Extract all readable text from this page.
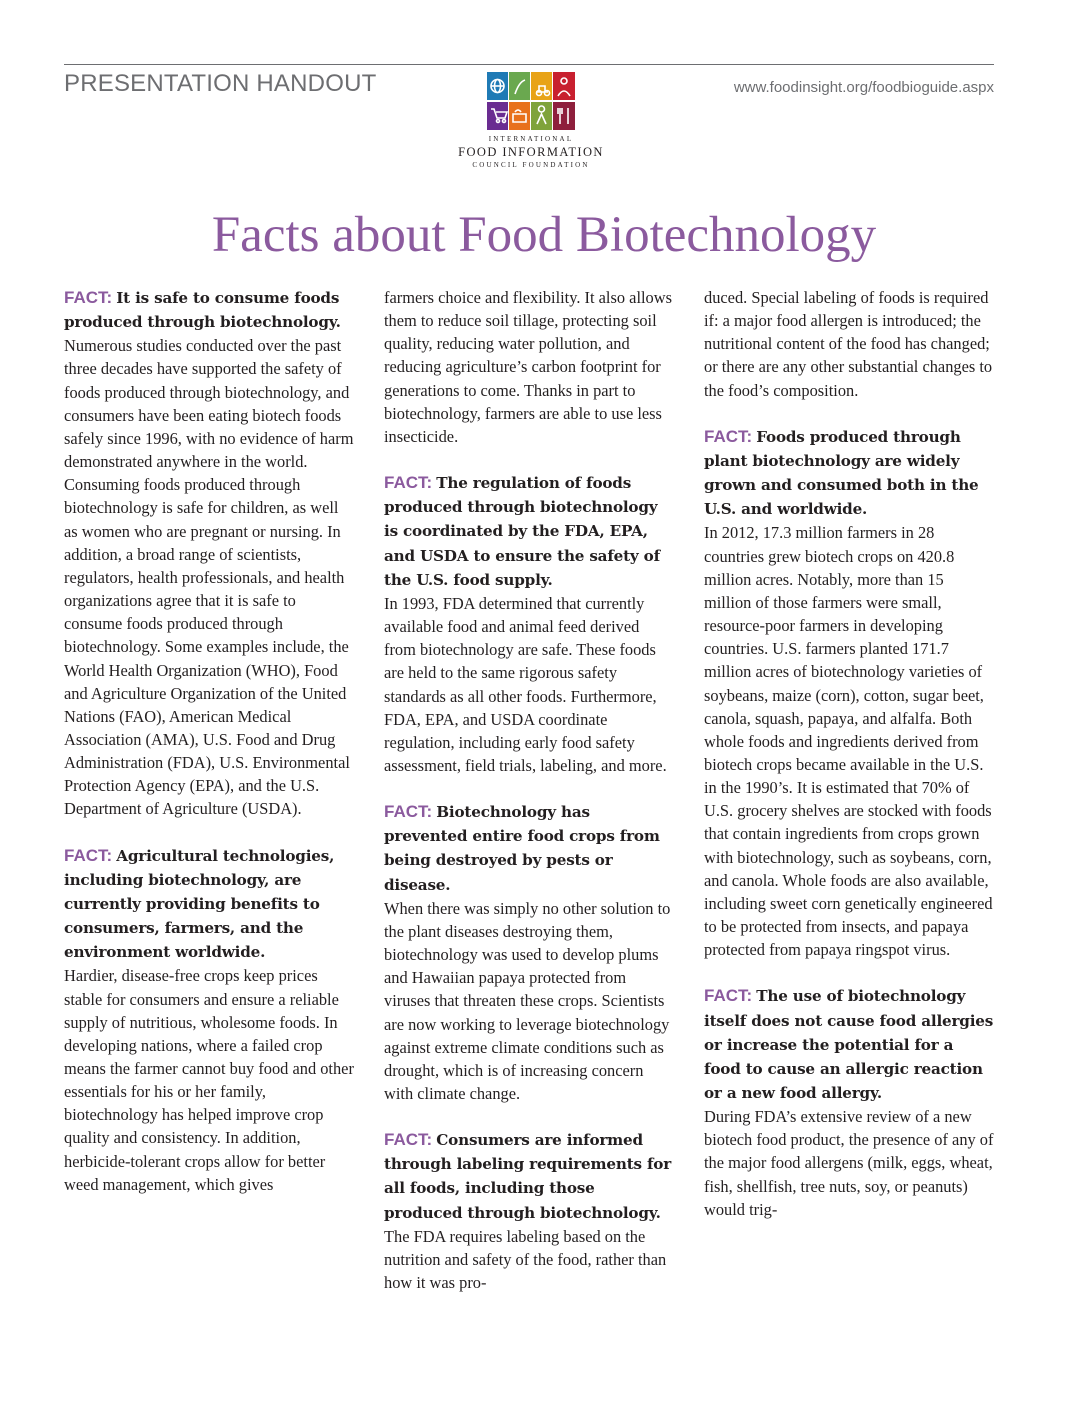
PRESENTATION HANDOUT	www.foodinsight.org/foodbioguide.aspx
INTERNATIONAL
FOOD INFORMATION
COUNCIL FOUNDATION
Facts about Food Biotechnology

FACT: It is safe to consume foods produced through biotechnology.

Numerous studies conducted over the past three decades have supported the safety of foods produced through biotechnology, and consumers have been eating biotech foods safely since 1996, with no evidence of harm demonstrated anywhere in the world. Consuming foods produced through biotechnology is safe for children, as well as women who are pregnant or nursing. In addition, a broad range of scientists, regulators, health professionals, and health organizations agree that it is safe to consume foods produced through biotechnology. Some examples include, the World Health Organization (WHO), Food and Agriculture Organization of the United Nations (FAO), American Medical Association (AMA), U.S. Food and Drug Administration (FDA), U.S. Environmental Protection Agency (EPA), and the U.S. Department of Agriculture (USDA).

FACT: Agricultural technologies, including biotechnology, are currently providing benefits to consumers, farmers, and the environment worldwide.

Hardier, disease-free crops keep prices stable for consumers and ensure a reliable supply of nutritious, wholesome foods. In developing nations, where a failed crop means the farmer cannot buy food and other essentials for his or her family, biotechnology has helped improve crop quality and consistency. In addition, herbicide-tolerant crops allow for better weed management, which gives

farmers choice and flexibility. It also allows them to reduce soil tillage, protecting soil quality, reducing water pollution, and reducing agriculture’s carbon footprint for generations to come. Thanks in part to biotechnology, farmers are able to use less insecticide.

FACT: The regulation of foods produced through biotechnology is coordinated by the FDA, EPA, and USDA to ensure the safety of the U.S. food supply.

In 1993, FDA determined that currently available food and animal feed derived from biotechnology are safe. These foods are held to the same rigorous safety standards as all other foods. Furthermore, FDA, EPA, and USDA coordinate regulation, including early food safety assessment, field trials, labeling, and more.

FACT: Biotechnology has prevented entire food crops from being destroyed by pests or disease.

When there was simply no other solution to the plant diseases destroying them, biotechnology was used to develop plums and Hawaiian papaya protected from viruses that threaten these crops. Scientists are now working to leverage biotechnology against extreme climate conditions such as drought, which is of increasing concern with climate change.

FACT: Consumers are informed through labeling requirements for all foods, including those produced through biotechnology.

The FDA requires labeling based on the nutrition and safety of the food, rather than how it was pro-

duced. Special labeling of foods is required if: a major food allergen is introduced; the nutritional content of the food has changed; or there are any other substantial changes to the food’s composition.

FACT: Foods produced through plant biotechnology are widely grown and consumed both in the U.S. and worldwide.

In 2012, 17.3 million farmers in 28 countries grew biotech crops on 420.8 million acres. Notably, more than 15 million of those farmers were small, resource-poor farmers in developing countries. U.S. farmers planted 171.7 million acres of biotechnology varieties of soybeans, maize (corn), cotton, sugar beet, canola, squash, papaya, and alfalfa. Both whole foods and ingredients derived from biotech crops became available in the U.S. in the 1990’s. It is estimated that 70% of U.S. grocery shelves are stocked with foods that contain ingredients from crops grown with biotechnology, such as soybeans, corn, and canola. Whole foods are also available, including sweet corn genetically engineered to be protected from insects, and papaya protected from papaya ringspot virus.

FACT: The use of biotechnology itself does not cause food allergies or increase the potential for a food to cause an allergic reaction or a new food allergy.

During FDA’s extensive review of a new biotech food product, the presence of any of the major food allergens (milk, eggs, wheat, fish, shellfish, tree nuts, soy, or peanuts) would trig-
